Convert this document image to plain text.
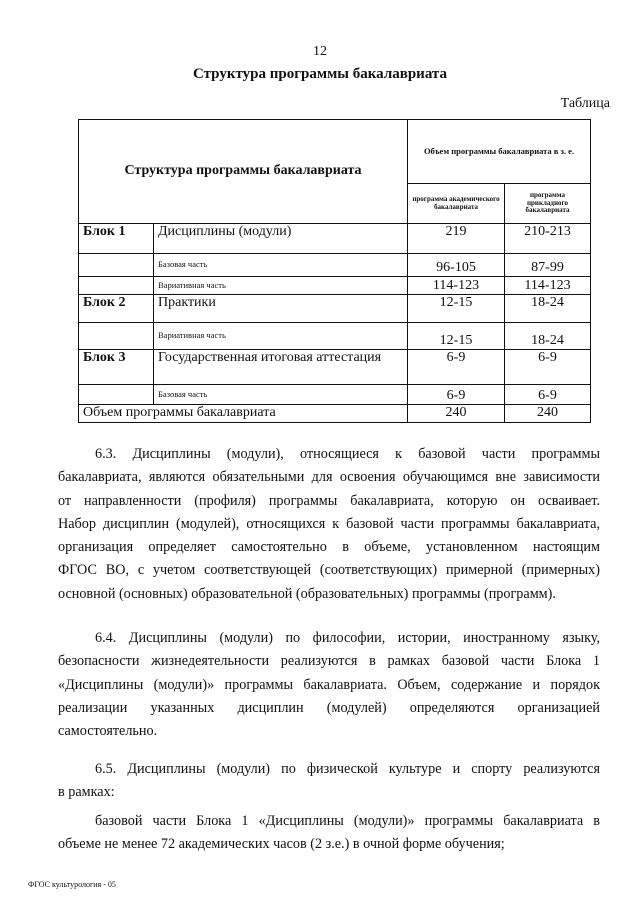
12
Структура программы бакалавриата
Таблица
Структура программы бакалавриата		Объем программы бакалавриата в з. е.	
		программа академического бакалавриата	программа прикладного бакалавриата
Блок 1	Дисциплины (модули)	219	210-213
	Базовая часть	96-105	87-99
	Вариативная часть	114-123	114-123
Блок 2	Практики	12-15	18-24
	Вариативная часть	12-15	18-24
Блок 3	Государственная итоговая аттестация	6-9	6-9
	Базовая часть	6-9	6-9
Объем программы бакалавриата		240	240
6.3. Дисциплины (модули), относящиеся к базовой части программы
бакалавриата, являются обязательными для освоения обучающимся вне зависимости
от направленности (профиля) программы бакалавриата, которую он осваивает.
Набор дисциплин (модулей), относящихся к базовой части программы бакалавриата,
организация определяет самостоятельно в объеме, установленном настоящим
ФГОС ВО, с учетом соответствующей (соответствующих) примерной (примерных)
основной (основных) образовательной (образовательных) программы (программ).
6.4. Дисциплины (модули) по философии, истории, иностранному языку,
безопасности жизнедеятельности реализуются в рамках базовой части Блока 1
«Дисциплины (модули)» программы бакалавриата. Объем, содержание и порядок
реализации указанных дисциплин (модулей) определяются организацией
самостоятельно.
6.5. Дисциплины (модули) по физической культуре и спорту реализуются
в рамках:
базовой части Блока 1 «Дисциплины (модули)» программы бакалавриата в
объеме не менее 72 академических часов (2 з.е.) в очной форме обучения;
ФГОС культурология - 05
